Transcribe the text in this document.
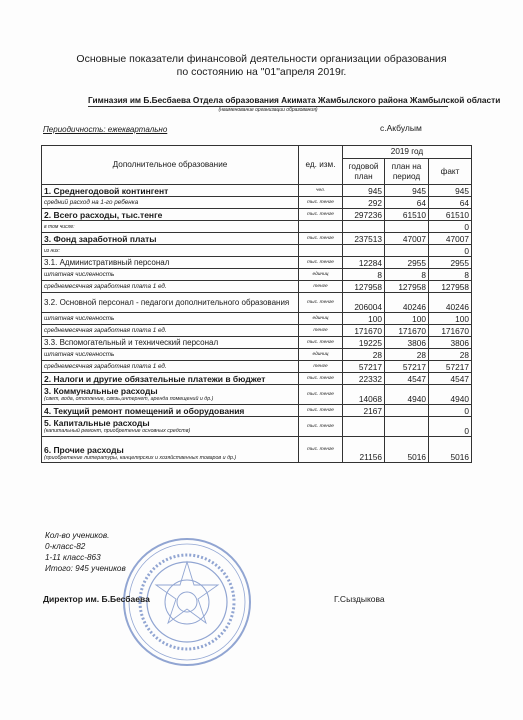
Основные показатели финансовой деятельности организации образования
по состоянию на "01"апреля 2019г.
Гимназия им Б.Бесбаева Отдела образования Акимата Жамбылского района Жамбылской области
(наименование организации образования)
Периодичность: ежеквартально	с.Акбулым
Дополнительное образование	ед. изм.	2019 год		
		годовой план	план на период	факт

1. Среднегодовой контингент	чел.	945	945	945
средний расход на 1-го ребенка	тыс. тенге	292	64	64
2. Всего расходы, тыс.тенге	тыс. тенге	297236	61510	61510
в том числе:				0
3. Фонд заработной платы	тыс. тенге	237513	47007	47007
из них:				0
3.1. Административный персонал	тыс. тенге	12284	2955	2955
штатная численность	единиц	8	8	8
среднемесячная заработная плата 1 ед.	тенге	127958	127958	127958
3.2. Основной персонал - педагоги дополнительного образования	тыс. тенге	206004	40246	40246
штатная численность	единиц	100	100	100
среднемесячная заработная плата 1 ед.	тенге	171670	171670	171670
3.3. Вспомогательный и технический персонал	тыс. тенге	19225	3806	3806
штатная численность	единиц	28	28	28
среднемесячная заработная плата 1 ед.	тенге	57217	57217	57217
2. Налоги и другие обязательные платежи в бюджет	тыс. тенге	22332	4547	4547

3. Коммунальные расходы
(свет, вода, отопление, связь,интернет, аренда помещений и др.)	тыс. тенге	14068	4940	4940
4. Текущий ремонт помещений и оборудования	тыс. тенге	2167		0

5. Капитальные расходы
(капитальный ремонт, приобретение основных средств)	тыс. тенге			0

6. Прочие расходы
(приобретение литературы, канцелярских и хозяйственных товаров и др.)	тыс. тенге	21156	5016	5016
Кол-во учеников.
0-класс-82
1-11 класс-863
Итого: 945 учеников
Директор им. Б.Бесбаева	Г.Сыздыкова
